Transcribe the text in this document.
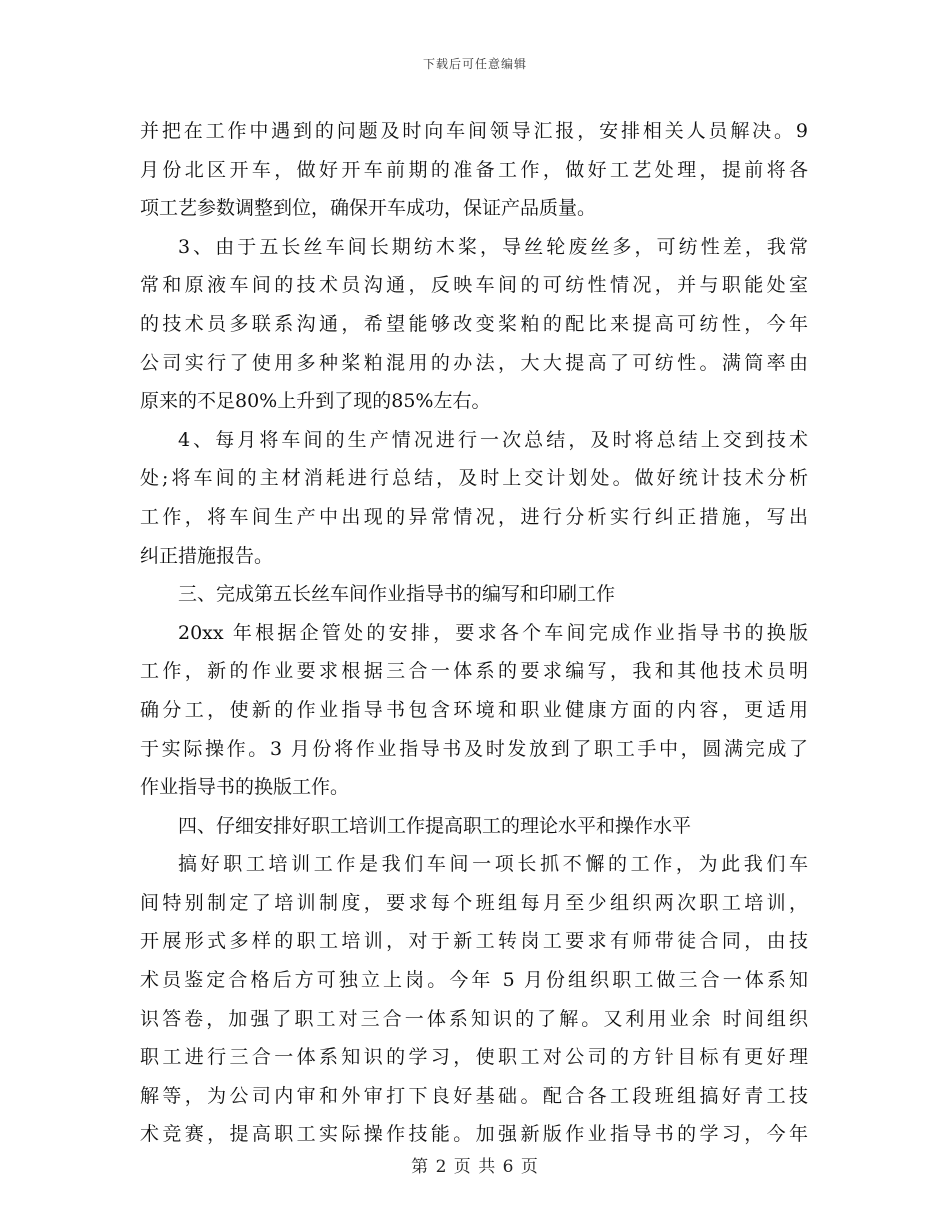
下载后可任意编辑
并把在工作中遇到的问题及时向车间领导汇报，安排相关人员解决。9
月份北区开车，做好开车前期的准备工作，做好工艺处理，提前将各
项工艺参数调整到位，确保开车成功，保证产品质量。
3、由于五长丝车间长期纺木桨，导丝轮废丝多，可纺性差，我常
常和原液车间的技术员沟通，反映车间的可纺性情况，并与职能处室
的技术员多联系沟通，希望能够改变桨粕的配比来提高可纺性，今年
公司实行了使用多种桨粕混用的办法，大大提高了可纺性。满筒率由
原来的不足80%上升到了现的85%左右。
4、每月将车间的生产情况进行一次总结，及时将总结上交到技术
处;将车间的主材消耗进行总结，及时上交计划处。做好统计技术分析
工作，将车间生产中出现的异常情况，进行分析实行纠正措施，写出
纠正措施报告。
三、完成第五长丝车间作业指导书的编写和印刷工作
20xx 年根据企管处的安排，要求各个车间完成作业指导书的换版
工作，新的作业要求根据三合一体系的要求编写，我和其他技术员明
确分工，使新的作业指导书包含环境和职业健康方面的内容，更适用
于实际操作。3 月份将作业指导书及时发放到了职工手中，圆满完成了
作业指导书的换版工作。
四、仔细安排好职工培训工作提高职工的理论水平和操作水平
搞好职工培训工作是我们车间一项长抓不懈的工作，为此我们车
间特别制定了培训制度，要求每个班组每月至少组织两次职工培训，
开展形式多样的职工培训，对于新工转岗工要求有师带徒合同，由技
术员鉴定合格后方可独立上岗。今年 5 月份组织职工做三合一体系知
识答卷，加强了职工对三合一体系知识的了解。又利用业余 时间组织
职工进行三合一体系知识的学习，使职工对公司的方针目标有更好理
解等，为公司内审和外审打下良好基础。配合各工段班组搞好青工技
术竞赛，提高职工实际操作技能。加强新版作业指导书的学习，今年
第 2 页 共 6 页
